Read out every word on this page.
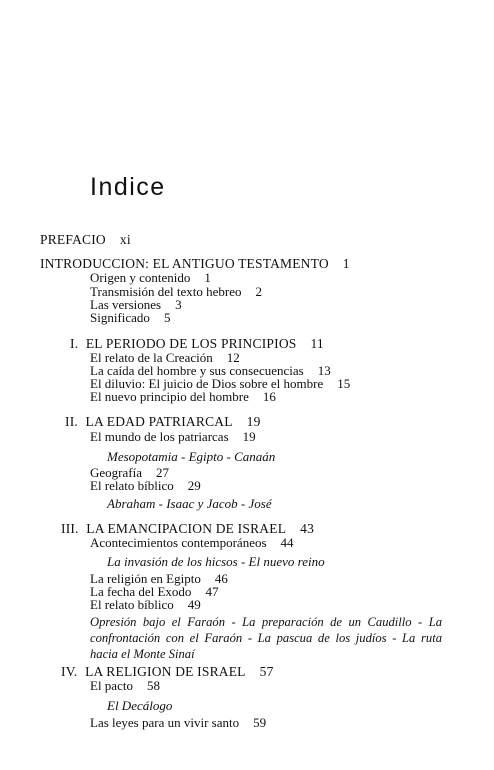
Indice
PREFACIO xi
INTRODUCCION: EL ANTIGUO TESTAMENTO 1
Origen y contenido 1
Transmisión del texto hebreo 2
Las versiones 3
Significado 5
I. EL PERIODO DE LOS PRINCIPIOS 11
El relato de la Creación 12
La caída del hombre y sus consecuencias 13
El diluvio: El juicio de Dios sobre el hombre 15
El nuevo principio del hombre 16
II. LA EDAD PATRIARCAL 19
El mundo de los patriarcas 19
Mesopotamia - Egipto - Canaán
Geografía 27
El relato bíblico 29
Abraham - Isaac y Jacob - José
III. LA EMANCIPACION DE ISRAEL 43
Acontecimientos contemporáneos 44
La invasión de los hicsos - El nuevo reino
La religión en Egipto 46
La fecha del Exodo 47
El relato bíblico 49
Opresión bajo el Faraón - La preparación de un Caudillo - La confrontación con el Faraón - La pascua de los judíos - La ruta hacia el Monte Sinaí
IV. LA RELIGION DE ISRAEL 57
El pacto 58
El Decálogo
Las leyes para un vivir santo 59
